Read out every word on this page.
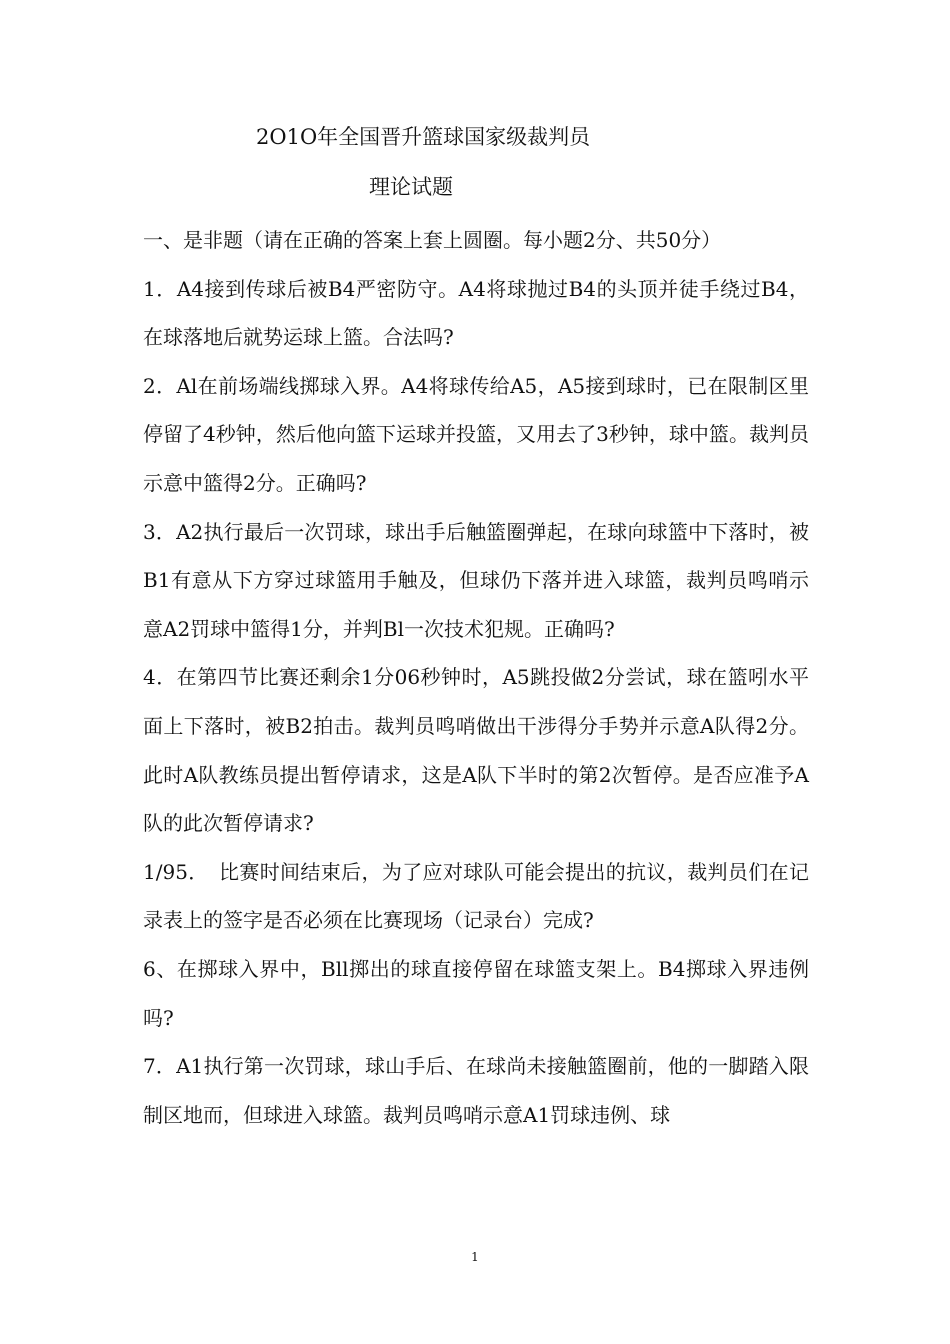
2O1O年全国晋升篮球国家级裁判员
理论试题

一、是非题（请在正确的答案上套上圆圈。每小题2分、共50分）

1．A4接到传球后被B4严密防守。A4将球抛过B4的头顶并徒手绕过B4，在球落地后就势运球上篮。合法吗?

2．Al在前场端线掷球入界。A4将球传给A5，A5接到球时，已在限制区里停留了4秒钟，然后他向篮下运球并投篮，又用去了3秒钟，球中篮。裁判员示意中篮得2分。正确吗?

3．A2执行最后一次罚球，球出手后触篮圈弹起，在球向球篮中下落时，被B1有意从下方穿过球篮用手触及，但球仍下落并进入球篮，裁判员鸣哨示意A2罚球中篮得1分，并判Bl一次技术犯规。正确吗?

4．在第四节比赛还剩余1分06秒钟时，A5跳投做2分尝试，球在篮吲水平面上下落时，被B2拍击。裁判员鸣哨做出干涉得分手势并示意A队得2分。此时A队教练员提出暂停请求，这是A队下半时的第2次暂停。是否应准予A队的此次暂停请求?

1/95．　比赛时间结束后，为了应对球队可能会提出的抗议，裁判员们在记录表上的签字是否必须在比赛现场（记录台）完成?

6、在掷球入界中，Bll掷出的球直接停留在球篮支架上。B4掷球入界违例吗?

7．A1执行第一次罚球，球山手后、在球尚未接触篮圈前，他的一脚踏入限制区地而，但球进入球篮。裁判员鸣哨示意A1罚球违例、球

1
